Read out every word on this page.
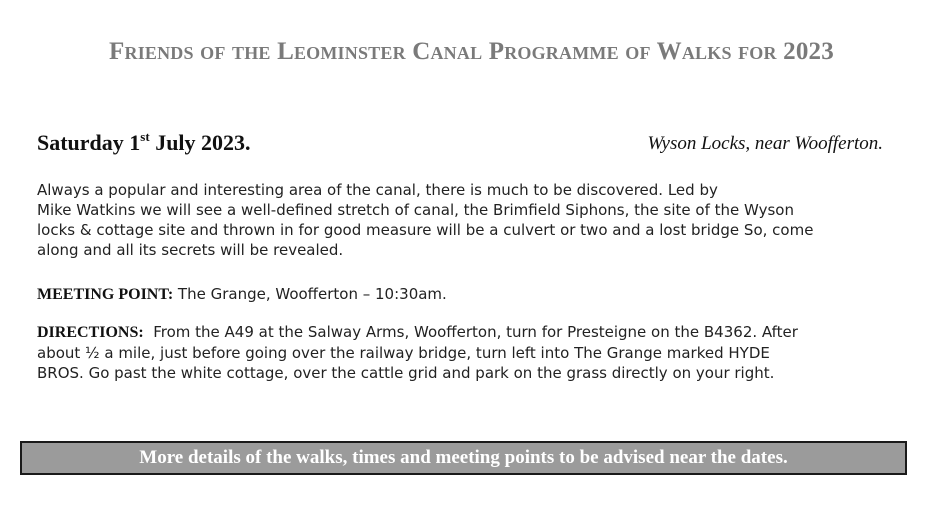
Friends of the Leominster Canal Programme of Walks for 2023
Saturday 1st July 2023.	Wyson Locks, near Woofferton.
Always a popular and interesting area of the canal, there is much to be discovered. Led by
Mike Watkins we will see a well-defined stretch of canal, the Brimfield Siphons, the site of the Wyson
locks & cottage site and thrown in for good measure will be a culvert or two and a lost bridge So, come
along and all its secrets will be revealed.
MEETING POINT: The Grange, Woofferton – 10:30am.
DIRECTIONS:  From the A49 at the Salway Arms, Woofferton, turn for Presteigne on the B4362. After
about ½ a mile, just before going over the railway bridge, turn left into The Grange marked HYDE
BROS. Go past the white cottage, over the cattle grid and park on the grass directly on your right.
More details of the walks, times and meeting points to be advised near the dates.
